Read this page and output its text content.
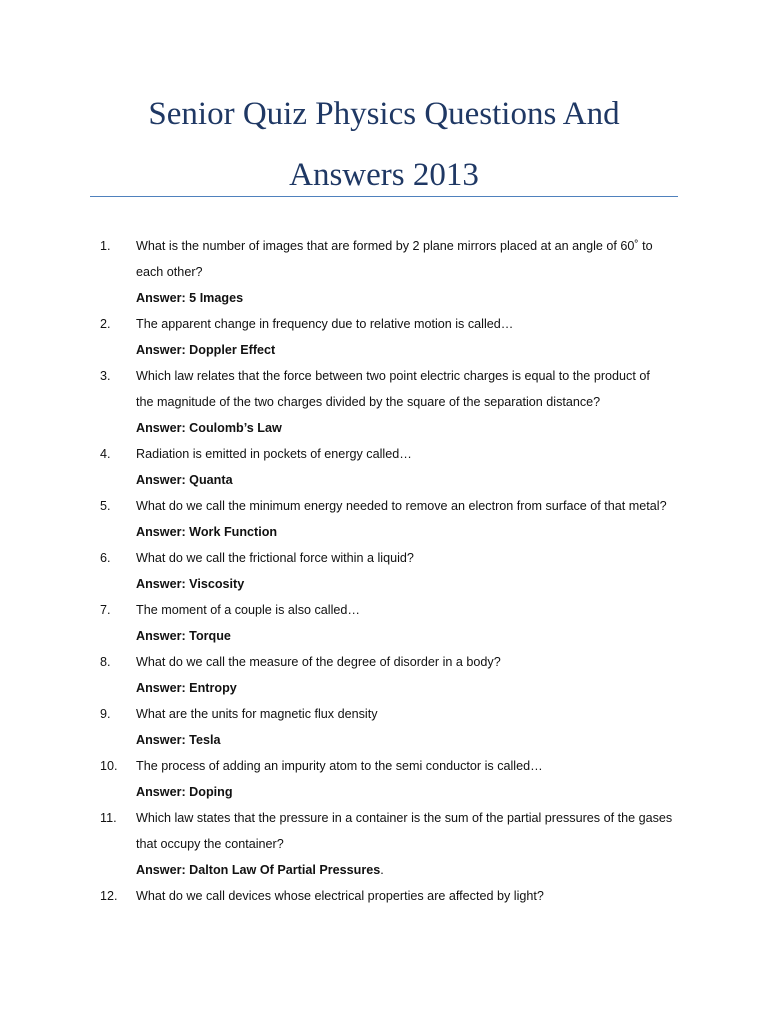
Senior Quiz Physics Questions And
Answers 2013
1.	What is the number of images that are formed by 2 plane mirrors placed at an angle of 60˚ to
each other?
Answer: 5 Images
2.	The apparent change in frequency due to relative motion is called…
Answer: Doppler Effect
3.	Which law relates that the force between two point electric charges is equal to the product of
the magnitude of the two charges divided by the square of the separation distance?
Answer: Coulomb’s Law
4.	Radiation is emitted in pockets of energy called…
Answer: Quanta
5.	What do we call the minimum energy needed to remove an electron from surface of that metal?
Answer: Work Function
6.	What do we call the frictional force within a liquid?
Answer: Viscosity
7.	The moment of a couple is also called…
Answer: Torque
8.	What do we call the measure of the degree of disorder in a body?
Answer: Entropy
9.	What are the units for magnetic flux density
Answer: Tesla
10.	The process of adding an impurity atom to the semi conductor is called…
Answer: Doping
11.	Which law states that the pressure in a container is the sum of the partial pressures of the gases
that occupy the container?
Answer: Dalton Law Of Partial Pressures.
12.	What do we call devices whose electrical properties are affected by light?
